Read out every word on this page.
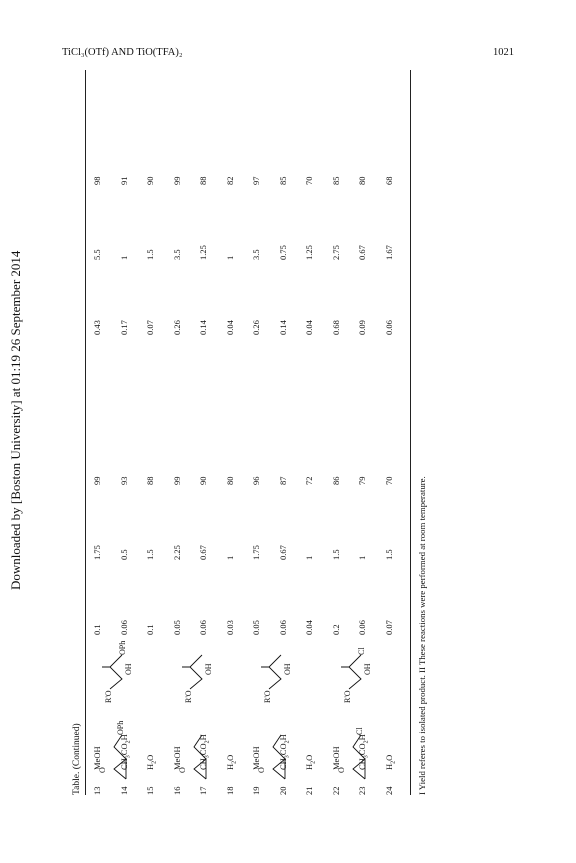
TiCl₃(OTf) AND TiO(TFA)₂	1021
Downloaded by [Boston University] at 01:19 26 September 2014
Table. (Continued) 13
MeOH
0.1
1.75
99
0.43
5.5
98
14
$CH_3CO_2H$
0.06
0.5
93
0.17
1
91
15
$H_2O$
0.1
1.5
88
0.07
1.5
90
16
MeOH
0.05
2.25
99
0.26
3.5
99
17
$CH_3CO_2H$
0.06
0.67
90
0.14
1.25
88
18
$H_2O$
0.03
1
80
0.04
1
82
19
MeOH
0.05
1.75
96
0.26
3.5
97
20
$CH_3CO_2H$
0.06
0.67
87
0.14
0.75
85
21
$H_2O$
0.04
1
72
0.04
1.25
70
22
MeOH
0.2
1.5
86
0.68
2.75
85
23
$CH_3CO_2H$
0.06
1
79
0.09
0.67
80
24
$H_2O$
0.07
1.5
70
0.06
1.67
68
O
OPh
R'O
OH
OPh
O
R'O
OH
O
R'O
OH
O
Cl
R'O
OH
Cl	I Yield referes to isolated product. II These reactions were performed at room temperature.
